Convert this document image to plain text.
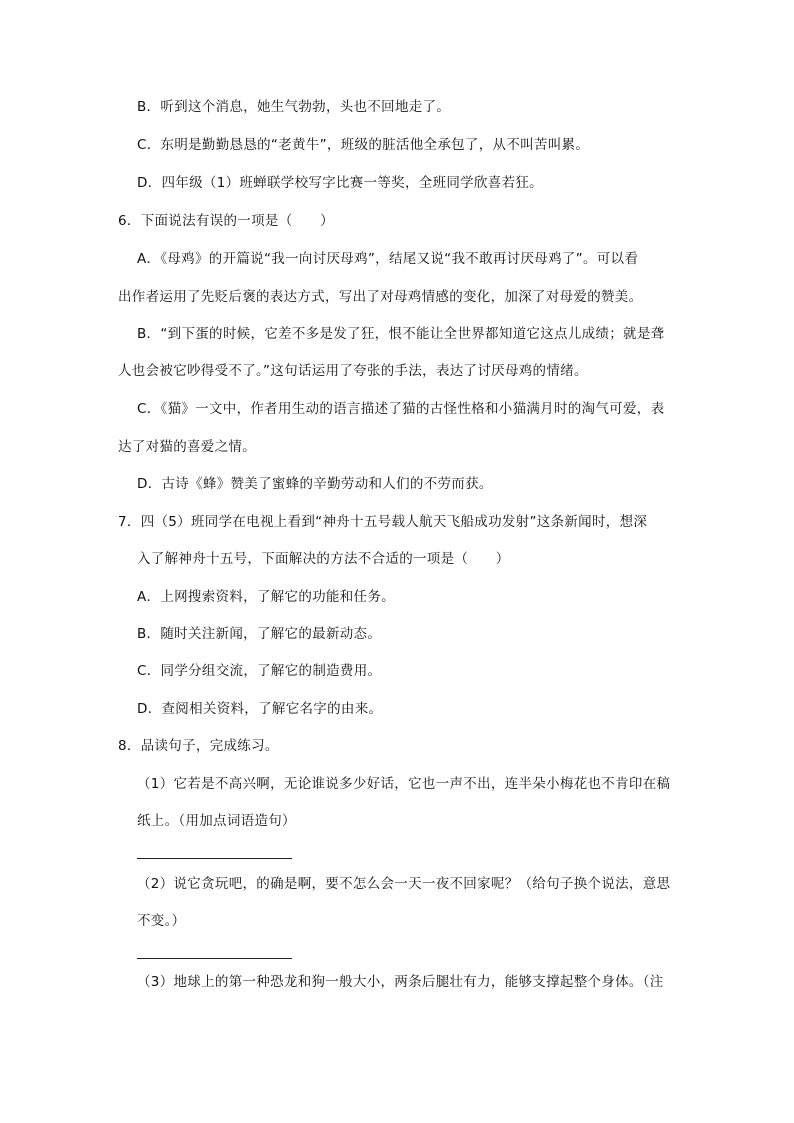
B．听到这个消息，她生气勃勃，头也不回地走了。
C．东明是勤勤恳恳的“老黄牛”，班级的脏活他全承包了，从不叫苦叫累。
D．四年级（1）班蝉联学校写字比赛一等奖，全班同学欣喜若狂。
6．下面说法有误的一项是（　　）
A．《母鸡》的开篇说“我一向讨厌母鸡”，结尾又说“我不敢再讨厌母鸡了”。可以看
出作者运用了先贬后褒的表达方式，写出了对母鸡情感的变化，加深了对母爱的赞美。
B．“到下蛋的时候，它差不多是发了狂，恨不能让全世界都知道它这点儿成绩；就是聋
人也会被它吵得受不了。”这句话运用了夸张的手法，表达了讨厌母鸡的情绪。
C．《猫》一文中，作者用生动的语言描述了猫的古怪性格和小猫满月时的淘气可爱，表
达了对猫的喜爱之情。
D．古诗《蜂》赞美了蜜蜂的辛勤劳动和人们的不劳而获。
7．四（5）班同学在电视上看到“神舟十五号载人航天飞船成功发射”这条新闻时，想深
入了解神舟十五号，下面解决的方法不合适的一项是（　　）
A．上网搜索资料，了解它的功能和任务。
B．随时关注新闻，了解它的最新动态。
C．同学分组交流，了解它的制造费用。
D．查阅相关资料，了解它名字的由来。
8．品读句子，完成练习。
（1）它若是不高兴啊，无论谁说多少好话，它也一声不出，连半朵小梅花也不肯印在稿
纸上。（用加点词语造句）
（2）说它贪玩吧，的确是啊，要不怎么会一天一夜不回家呢？（给句子换个说法，意思
不变。）
（3）地球上的第一种恐龙和狗一般大小，两条后腿壮有力，能够支撑起整个身体。（注
